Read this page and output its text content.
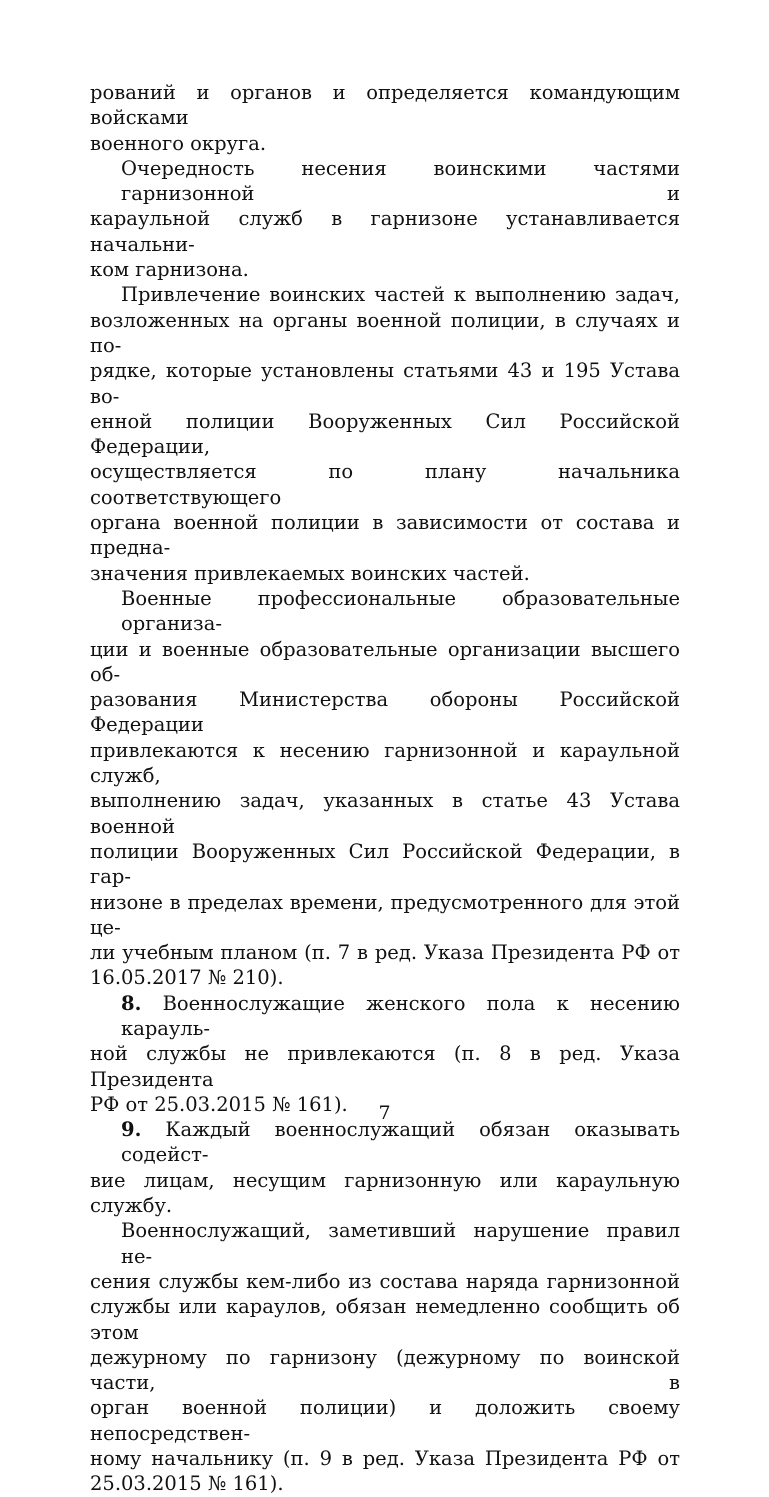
рований и органов и определяется командующим войсками
военного округа.
Очередность несения воинскими частями гарнизонной и
караульной служб в гарнизоне устанавливается начальни-
ком гарнизона.
Привлечение воинских частей к выполнению задач,
возложенных на органы военной полиции, в случаях и по-
рядке, которые установлены статьями 43 и 195 Устава во-
енной полиции Вооруженных Сил Российской Федерации,
осуществляется по плану начальника соответствующего
органа военной полиции в зависимости от состава и предна-
значения привлекаемых воинских частей.
Военные профессиональные образовательные организа-
ции и военные образовательные организации высшего об-
разования Министерства обороны Российской Федерации
привлекаются к несению гарнизонной и караульной служб,
выполнению задач, указанных в статье 43 Устава военной
полиции Вооруженных Сил Российской Федерации, в гар-
низоне в пределах времени, предусмотренного для этой це-
ли учебным планом (п. 7 в ред. Указа Президента РФ от
16.05.2017 № 210).
8. Военнослужащие женского пола к несению карауль-
ной службы не привлекаются (п. 8 в ред. Указа Президента
РФ от 25.03.2015 № 161).
9. Каждый военнослужащий обязан оказывать содейст-
вие лицам, несущим гарнизонную или караульную службу.
Военнослужащий, заметивший нарушение правил не-
сения службы кем-либо из состава наряда гарнизонной
службы или караулов, обязан немедленно сообщить об этом
дежурному по гарнизону (дежурному по воинской части, в
орган военной полиции) и доложить своему непосредствен-
ному начальнику (п. 9 в ред. Указа Президента РФ от
25.03.2015 № 161).
7
